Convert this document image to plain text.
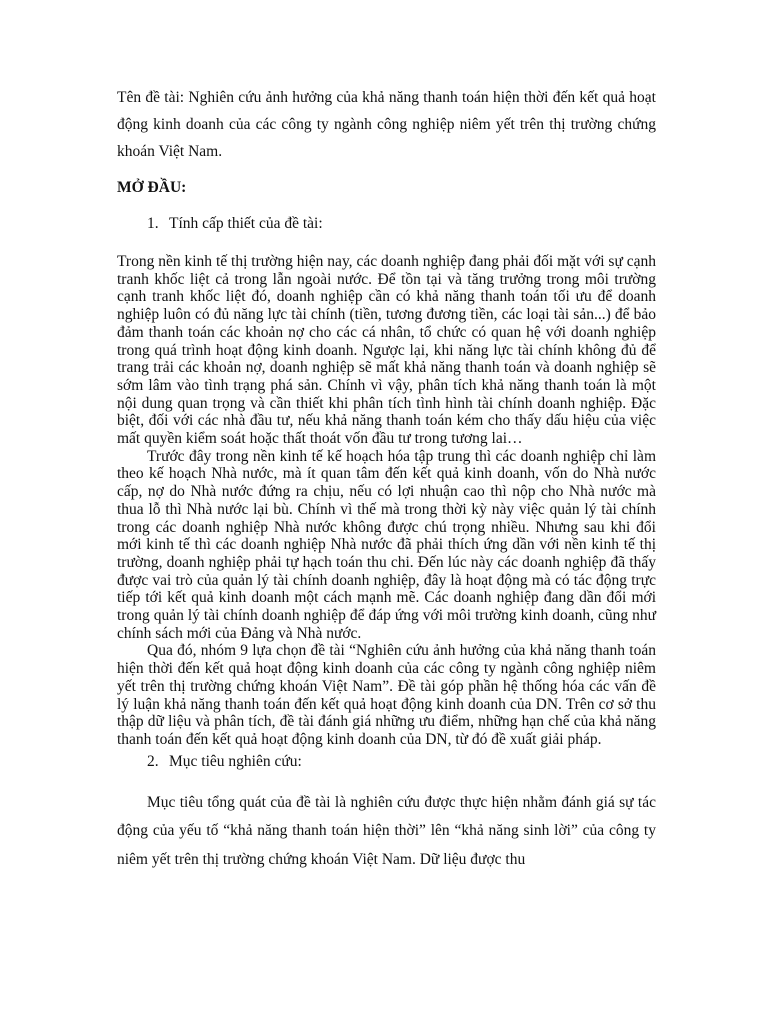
Tên đề tài: Nghiên cứu ảnh hưởng của khả năng thanh toán hiện thời đến kết quả hoạt động kinh doanh của các công ty ngành công nghiệp niêm yết trên thị trường chứng khoán Việt Nam.

MỞ ĐẦU:
1. Tính cấp thiết của đề tài:

Trong nền kinh tế thị trường hiện nay, các doanh nghiệp đang phải đối mặt với sự cạnh tranh khốc liệt cả trong lẫn ngoài nước. Để tồn tại và tăng trưởng trong môi trường cạnh tranh khốc liệt đó, doanh nghiệp cần có khả năng thanh toán tối ưu để doanh nghiệp luôn có đủ năng lực tài chính (tiền, tương đương tiền, các loại tài sản...) để bảo đảm thanh toán các khoản nợ cho các cá nhân, tổ chức có quan hệ với doanh nghiệp trong quá trình hoạt động kinh doanh. Ngược lại, khi năng lực tài chính không đủ để trang trải các khoản nợ, doanh nghiệp sẽ mất khả năng thanh toán và doanh nghiệp sẽ sớm lâm vào tình trạng phá sản. Chính vì vậy, phân tích khả năng thanh toán là một nội dung quan trọng và cần thiết khi phân tích tình hình tài chính doanh nghiệp. Đặc biệt, đối với các nhà đầu tư, nếu khả năng thanh toán kém cho thấy dấu hiệu của việc mất quyền kiểm soát hoặc thất thoát vốn đầu tư trong tương lai…

Trước đây trong nền kinh tế kế hoạch hóa tập trung thì các doanh nghiệp chỉ làm theo kế hoạch Nhà nước, mà ít quan tâm đến kết quả kinh doanh, vốn do Nhà nước cấp, nợ do Nhà nước đứng ra chịu, nếu có lợi nhuận cao thì nộp cho Nhà nước mà thua lỗ thì Nhà nước lại bù. Chính vì thế mà trong thời kỳ này việc quản lý tài chính trong các doanh nghiệp Nhà nước không được chú trọng nhiều. Nhưng sau khi đổi mới kinh tế thì các doanh nghiệp Nhà nước đã phải thích ứng dần với nền kinh tế thị trường, doanh nghiệp phải tự hạch toán thu chi. Đến lúc này các doanh nghiệp đã thấy được vai trò của quản lý tài chính doanh nghiệp, đây là hoạt động mà có tác động trực tiếp tới kết quả kinh doanh một cách mạnh mẽ. Các doanh nghiệp đang dần đổi mới trong quản lý tài chính doanh nghiệp để đáp ứng với môi trường kinh doanh, cũng như chính sách mới của Đảng và Nhà nước.

Qua đó, nhóm 9 lựa chọn đề tài “Nghiên cứu ảnh hưởng của khả năng thanh toán hiện thời đến kết quả hoạt động kinh doanh của các công ty ngành công nghiệp niêm yết trên thị trường chứng khoán Việt Nam”. Đề tài góp phần hệ thống hóa các vấn đề lý luận khả năng thanh toán đến kết quả hoạt động kinh doanh của DN. Trên cơ sở thu thập dữ liệu và phân tích, đề tài đánh giá những ưu điểm, những hạn chế của khả năng thanh toán đến kết quả hoạt động kinh doanh của DN, từ đó đề xuất giải pháp.

2. Mục tiêu nghiên cứu:

Mục tiêu tổng quát của đề tài là nghiên cứu được thực hiện nhằm đánh giá sự tác động của yếu tố “khả năng thanh toán hiện thời” lên “khả năng sinh lời” của công ty niêm yết trên thị trường chứng khoán Việt Nam. Dữ liệu được thu
